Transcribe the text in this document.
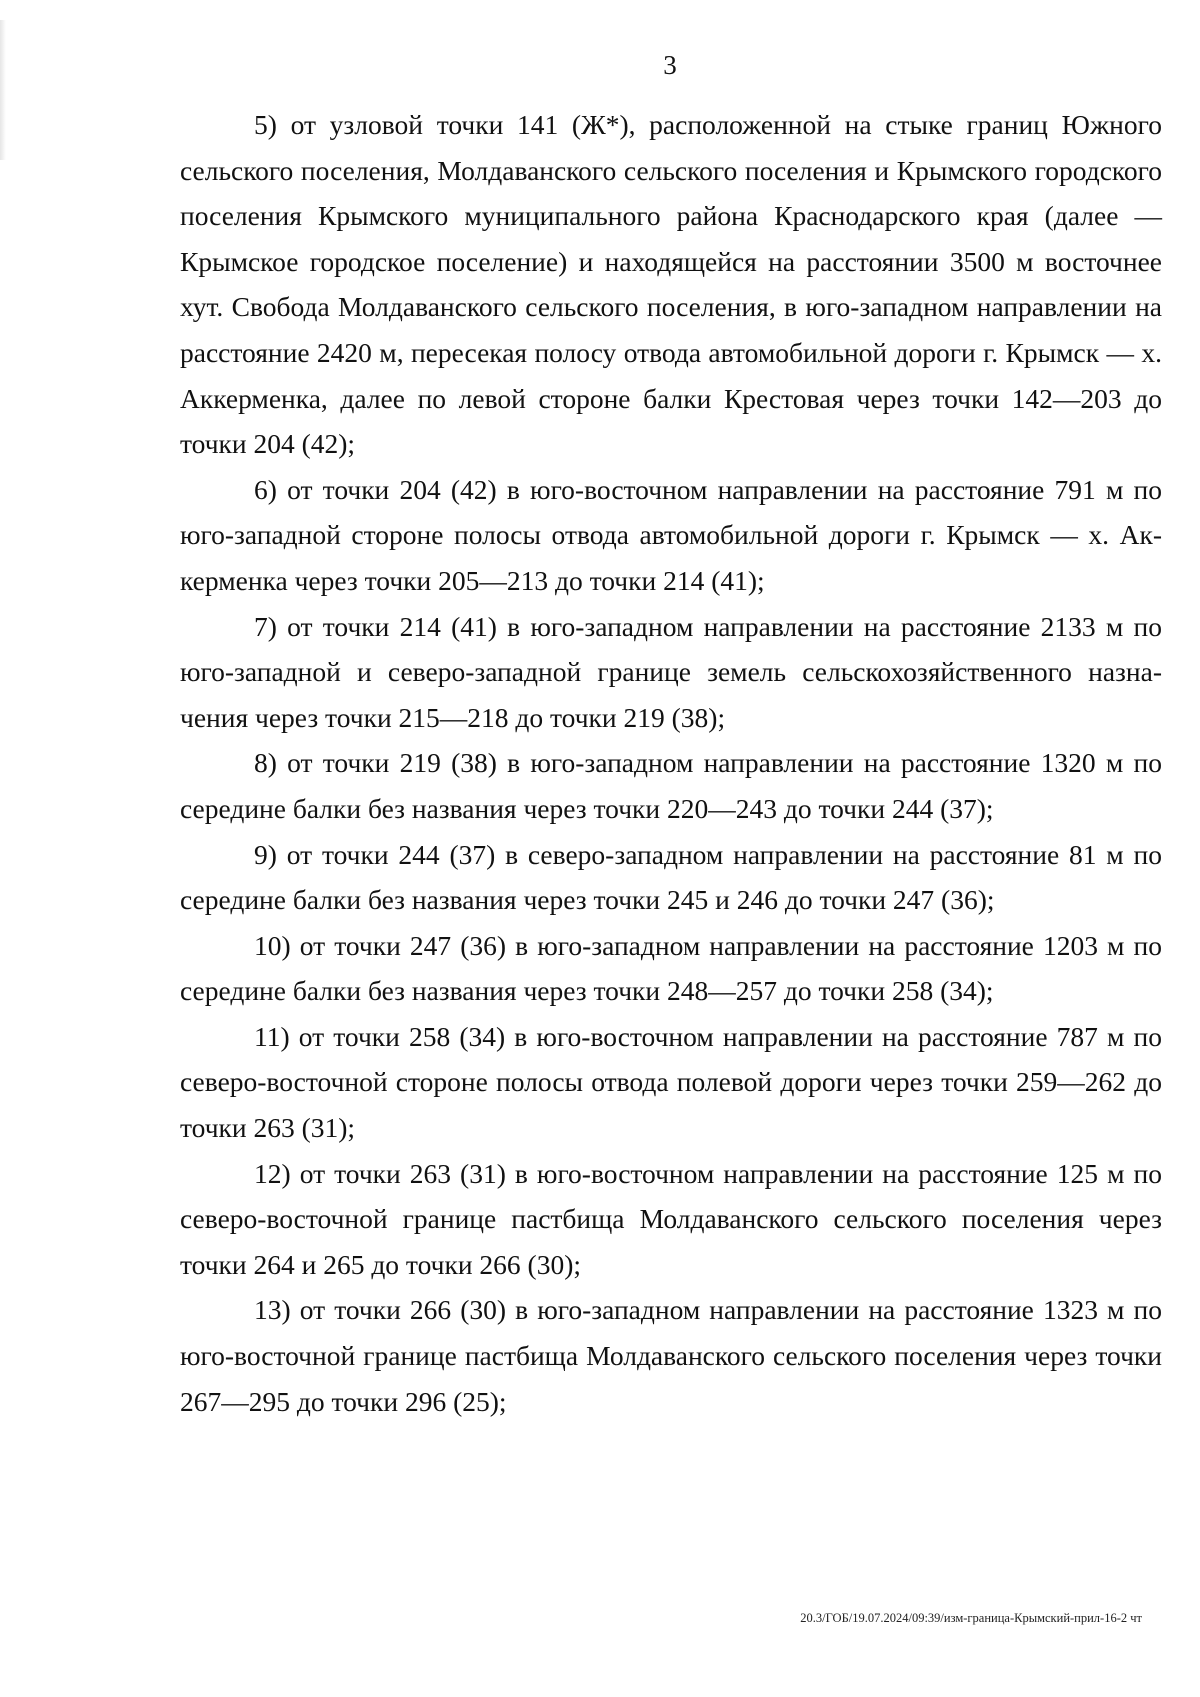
3

5) от узловой точки 141 (Ж*), расположенной на стыке границ Южного сельского поселения, Молдаванского сельского поселения и Крымского городского поселения Крымского муниципального района Краснодарского края (далее — Крымское городское поселение) и находящейся на расстоянии 3500 м восточнее хут. Свобода Молдаванского сельского поселения, в юго-западном направлении на расстояние 2420 м, пересекая полосу отвода автомобильной дороги г. Крымск — х. Аккерменка, далее по левой стороне балки Крестовая через точки 142—203 до точки 204 (42);

6) от точки 204 (42) в юго-восточном направлении на расстояние 791 м по юго-западной стороне полосы отвода автомобильной дороги г. Крымск — х. Аккерменка через точки 205—213 до точки 214 (41);

7) от точки 214 (41) в юго-западном направлении на расстояние 2133 м по юго-западной и северо-западной границе земель сельскохозяйственного назначения через точки 215—218 до точки 219 (38);

8) от точки 219 (38) в юго-западном направлении на расстояние 1320 м по середине балки без названия через точки 220—243 до точки 244 (37);

9) от точки 244 (37) в северо-западном направлении на расстояние 81 м по середине балки без названия через точки 245 и 246 до точки 247 (36);

10) от точки 247 (36) в юго-западном направлении на расстояние 1203 м по середине балки без названия через точки 248—257 до точки 258 (34);

11) от точки 258 (34) в юго-восточном направлении на расстояние 787 м по северо-восточной стороне полосы отвода полевой дороги через точки 259—262 до точки 263 (31);

12) от точки 263 (31) в юго-восточном направлении на расстояние 125 м по северо-восточной границе пастбища Молдаванского сельского поселения через точки 264 и 265 до точки 266 (30);

13) от точки 266 (30) в юго-западном направлении на расстояние 1323 м по юго-восточной границе пастбища Молдаванского сельского поселения через точки 267—295 до точки 296 (25);

20.3/ГОБ/19.07.2024/09:39/изм-граница-Крымский-прил-16-2 чт
